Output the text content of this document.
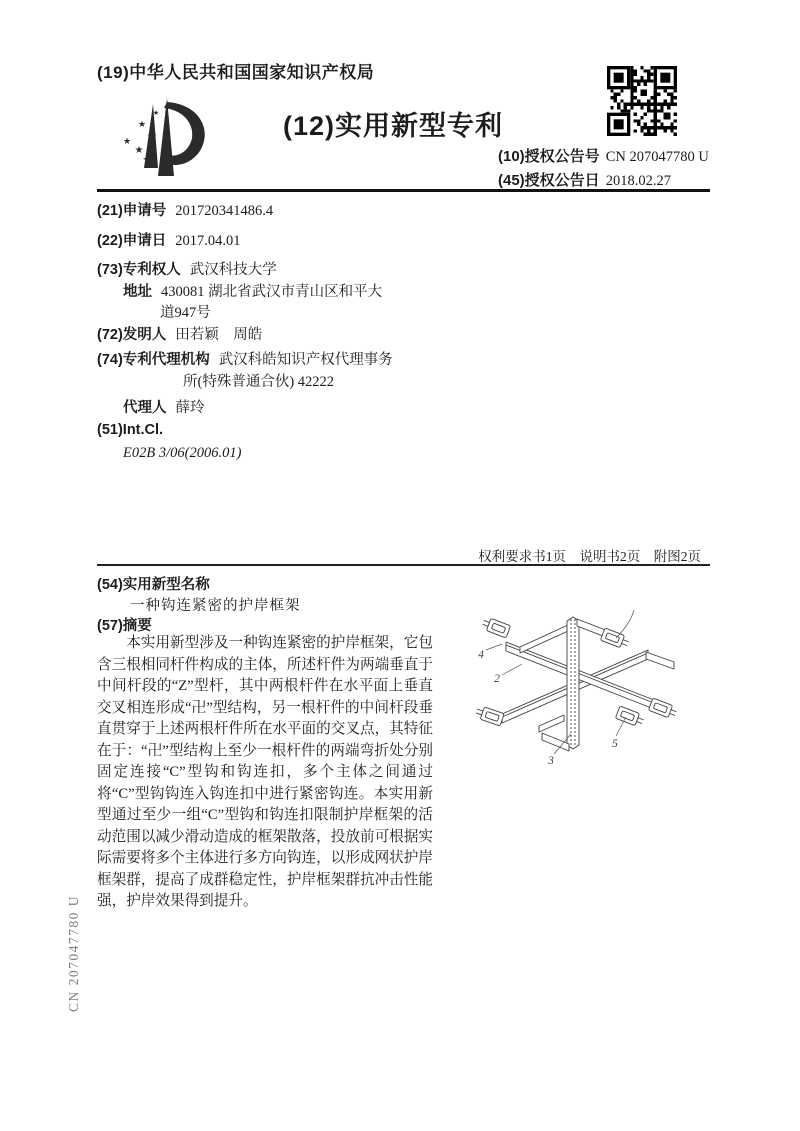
(19)中华人民共和国国家知识产权局
★
★
★
★
★
★
(12)实用新型专利
(10)授权公告号 CN 207047780 U
(45)授权公告日 2018.02.27
(21)申请号 201720341486.4
(22)申请日 2017.04.01
(73)专利权人 武汉科技大学
地址 430081 湖北省武汉市青山区和平大
道947号
(72)发明人 田若颖　周皓
(74)专利代理机构 武汉科皓知识产权代理事务
所(特殊普通合伙) 42222
代理人 薛玲
(51)Int.Cl.
E02B 3/06(2006.01)
权利要求书1页　说明书2页　附图2页
(54)实用新型名称
一种钩连紧密的护岸框架
(57)摘要

本实用新型涉及一种钩连紧密的护岸框架，它包含三根相同杆件构成的主体，所述杆件为两端垂直于中间杆段的“Z”型杆，其中两根杆件在水平面上垂直交叉相连形成“卍”型结构，另一根杆件的中间杆段垂直贯穿于上述两根杆件所在水平面的交叉点，其特征在于：“卍”型结构上至少一根杆件的两端弯折处分别固定连接“C”型钩和钩连扣，多个主体之间通过将“C”型钩钩连入钩连扣中进行紧密钩连。本实用新型通过至少一组“C”型钩和钩连扣限制护岸框架的活动范围以减少滑动造成的框架散落，投放前可根据实际需要将多个主体进行多方向钩连，以形成网状护岸框架群，提高了成群稳定性，护岸框架群抗冲击性能强，护岸效果得到提升。

4
2
3
5
CN 207047780 U
